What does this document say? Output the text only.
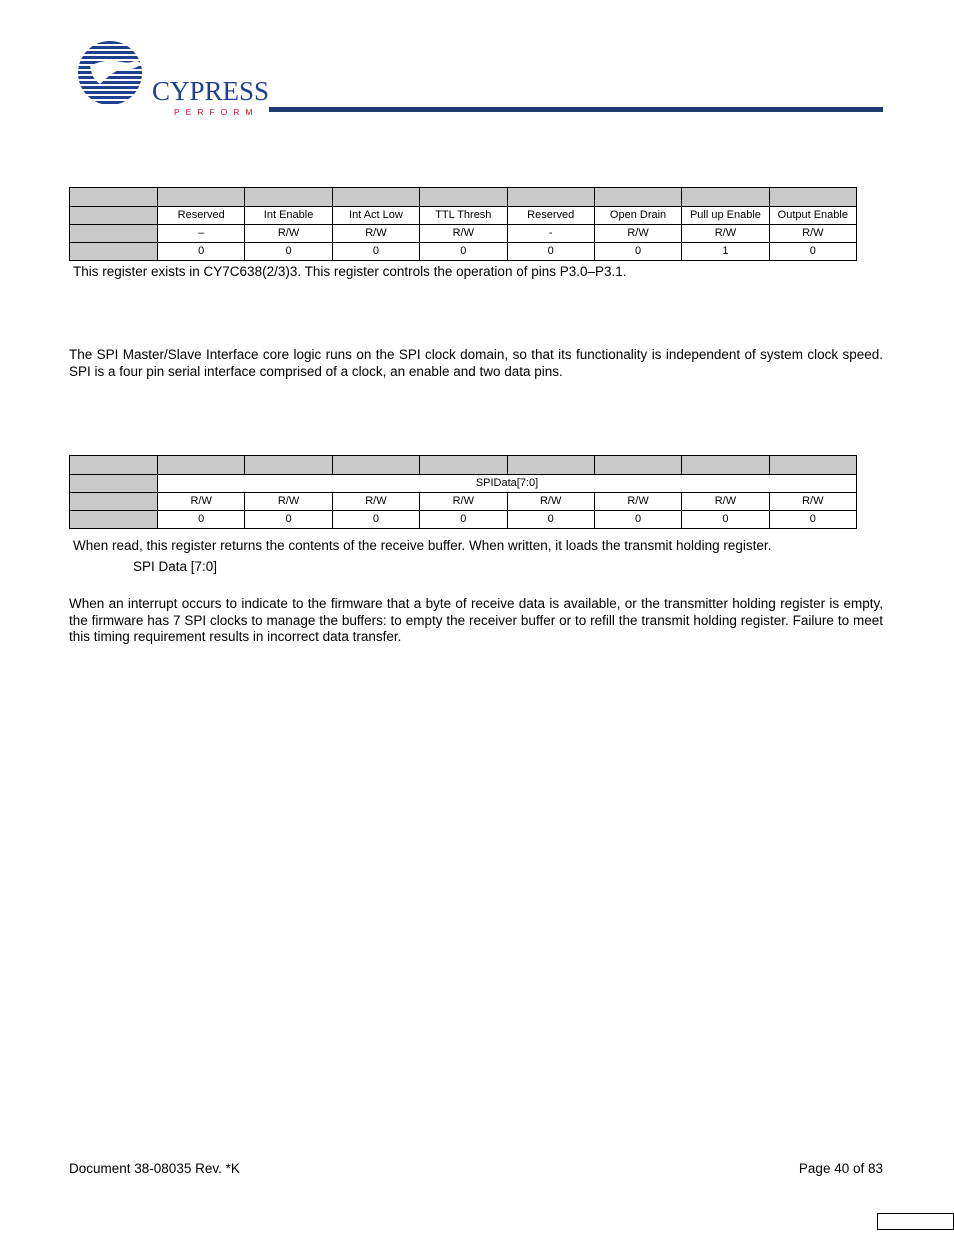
CYPRESS
PERFORM

	Reserved	Int Enable	Int Act Low	TTL Thresh	Reserved	Open Drain	Pull up Enable	Output Enable
	–	R/W	R/W	R/W	-	R/W	R/W	R/W
	0	0	0	0	0	0	1	0

This register exists in CY7C638(2/3)3. This register controls the operation of pins P3.0–P3.1.

The SPI Master/Slave Interface core logic runs on the SPI clock domain, so that its functionality is independent of system clock speed. SPI is a four pin serial interface comprised of a clock, an enable and two data pins.

	SPIData[7:0]							
	R/W	R/W	R/W	R/W	R/W	R/W	R/W	R/W
	0	0	0	0	0	0	0	0

When read, this register returns the contents of the receive buffer. When written, it loads the transmit holding register.

SPI Data [7:0]

When an interrupt occurs to indicate to the firmware that a byte of receive data is available, or the transmitter holding register is empty, the firmware has 7 SPI clocks to manage the buffers: to empty the receiver buffer or to refill the transmit holding register. Failure to meet this timing requirement results in incorrect data transfer.

Document 38-08035 Rev. *K	Page 40 of 83
